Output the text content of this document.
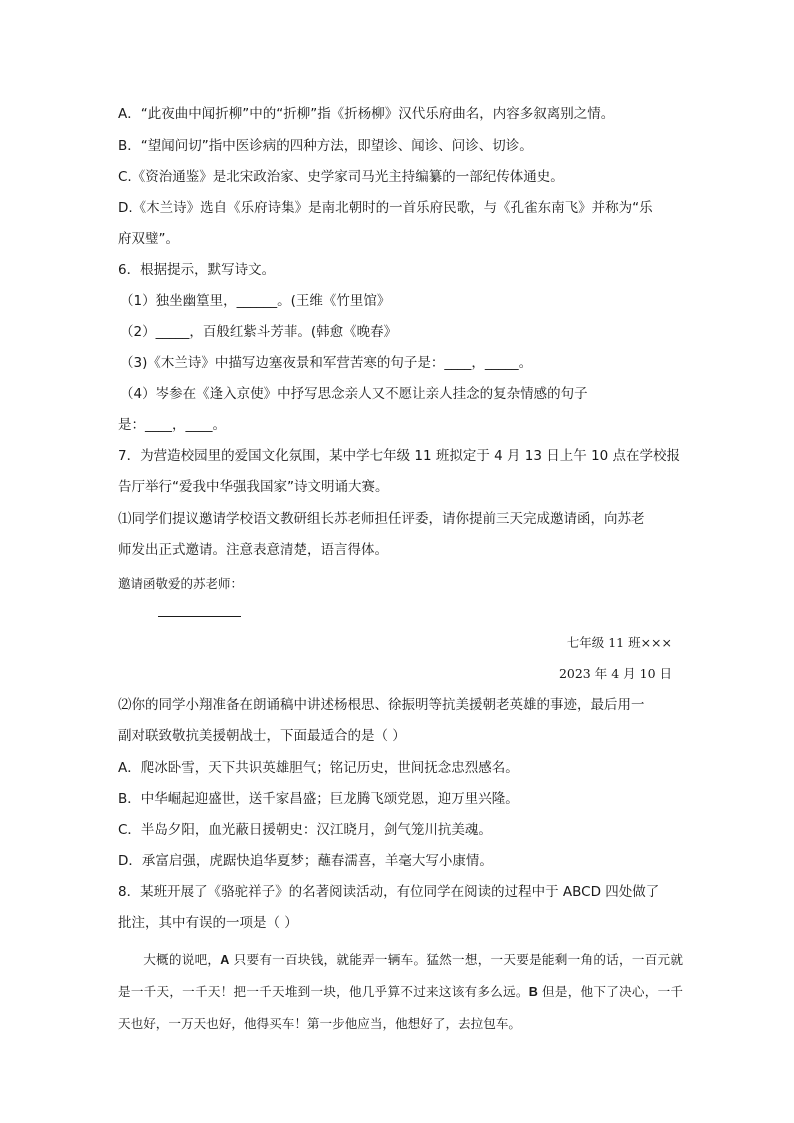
A．“此夜曲中闻折柳”中的“折柳”指《折杨柳》汉代乐府曲名，内容多叙离别之情。
B．“望闻问切”指中医诊病的四种方法，即望诊、闻诊、问诊、切诊。
C.《资治通鉴》是北宋政治家、史学家司马光主持编纂的一部纪传体通史。
D.《木兰诗》选自《乐府诗集》是南北朝时的一首乐府民歌，与《孔雀东南飞》并称为“乐
府双璧”。
6．根据提示，默写诗文。
（1）独坐幽篁里，______。(王维《竹里馆》
（2）_____，百般红紫斗芳菲。(韩愈《晚春》
（3)《木兰诗》中描写边塞夜景和军营苦寒的句子是：____，_____。
（4）岑参在《逢入京使》中抒写思念亲人又不愿让亲人挂念的复杂情感的句子
是：____，____。
7．为营造校园里的爱国文化氛围，某中学七年级 11 班拟定于 4 月 13 日上午 10 点在学校报
告厅举行“爱我中华强我国家”诗文明诵大赛。
⑴同学们提议邀请学校语文教研组长苏老师担任评委，请你提前三天完成邀请函，向苏老
师发出正式邀请。注意表意清楚，语言得体。
邀请函敬爱的苏老师：
七年级 11 班×××
2023 年 4 月 10 日
⑵你的同学小翔准备在朗诵稿中讲述杨根思、徐振明等抗美援朝老英雄的事迹，最后用一
副对联致敬抗美援朝战士，下面最适合的是（ ）
A．爬冰卧雪，天下共识英雄胆气；铭记历史，世间抚念忠烈感名。
B．中华崛起迎盛世，送千家昌盛；巨龙腾飞颂党恩，迎万里兴隆。
C．半岛夕阳，血光蔽日援朝史：汉江晓月，剑气笼川抗美魂。
D．承富启强，虎踞快追华夏梦；蘸春濡喜，羊毫大写小康情。
8．某班开展了《骆驼祥子》的名著阅读活动，有位同学在阅读的过程中于 ABCD 四处做了
批注，其中有误的一项是（ ）

大概的说吧，A 只要有一百块钱，就能弄一辆车。猛然一想，一天要是能剩一角的话，一百元就是一千天，一千天！把一千天堆到一块，他几乎算不过来这该有多么远。B 但是，他下了决心，一千天也好，一万天也好，他得买车！第一步他应当，他想好了，去拉包车。
